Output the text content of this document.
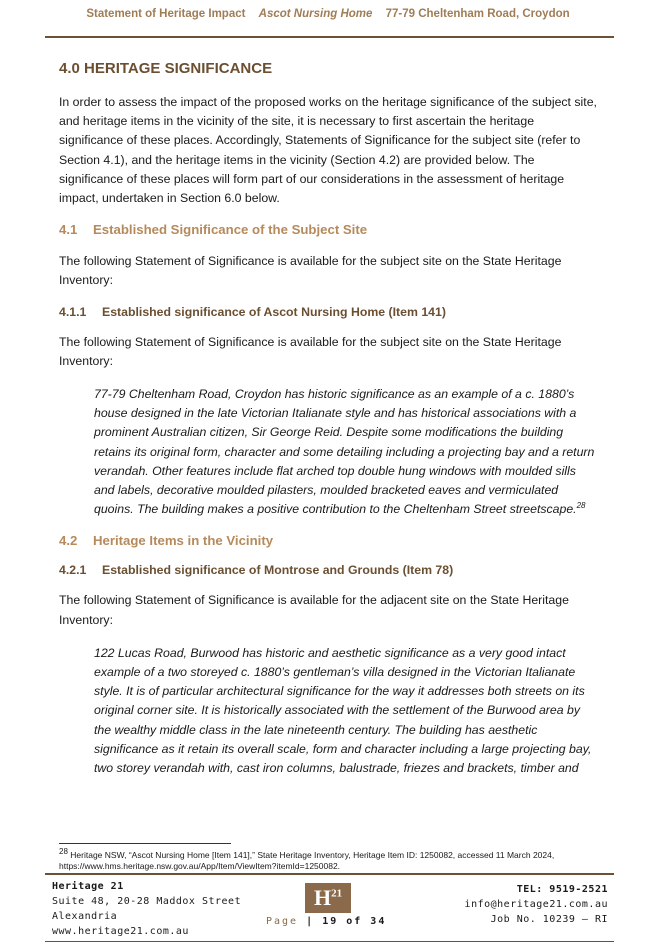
Statement of Heritage Impact Ascot Nursing Home 77-79 Cheltenham Road, Croydon
4.0 HERITAGE SIGNIFICANCE

In order to assess the impact of the proposed works on the heritage significance of the subject site, and heritage items in the vicinity of the site, it is necessary to first ascertain the heritage significance of these places. Accordingly, Statements of Significance for the subject site (refer to Section 4.1), and the heritage items in the vicinity (Section 4.2) are provided below. The significance of these places will form part of our considerations in the assessment of heritage impact, undertaken in Section 6.0 below.

4.1 Established Significance of the Subject Site

The following Statement of Significance is available for the subject site on the State Heritage Inventory:

4.1.1 Established significance of Ascot Nursing Home (Item 141)

The following Statement of Significance is available for the subject site on the State Heritage Inventory:

77-79 Cheltenham Road, Croydon has historic significance as an example of a c. 1880’s house designed in the late Victorian Italianate style and has historical associations with a prominent Australian citizen, Sir George Reid. Despite some modifications the building retains its original form, character and some detailing including a projecting bay and a return verandah. Other features include flat arched top double hung windows with moulded sills and labels, decorative moulded pilasters, moulded bracketed eaves and vermiculated quoins. The building makes a positive contribution to the Cheltenham Street streetscape.$^{28}$
4.2 Heritage Items in the Vicinity
4.2.1 Established significance of Montrose and Grounds (Item 78)

The following Statement of Significance is available for the adjacent site on the State Heritage Inventory:

122 Lucas Road, Burwood has historic and aesthetic significance as a very good intact example of a two storeyed c. 1880’s gentleman’s villa designed in the Victorian Italianate style. It is of particular architectural significance for the way it addresses both streets on its original corner site. It is historically associated with the settlement of the Burwood area by the wealthy middle class in the late nineteenth century. The building has aesthetic significance as it retain its overall scale, form and character including a large projecting bay, two storey verandah with, cast iron columns, balustrade, friezes and brackets, timber and
$^{28}$ Heritage NSW, “Ascot Nursing Home [Item 141],” State Heritage Inventory, Heritage Item ID: 1250082, accessed 11 March 2024, https://www.hms.heritage.nsw.gov.au/App/Item/ViewItem?itemId=1250082.
Heritage 21
Suite 48, 20-28 Maddox Street
Alexandria
www.heritage21.com.au
$H^{21}$
Page | 19 of 34
TEL: 9519-2521
info@heritage21.com.au
Job No. 10239 – RI
